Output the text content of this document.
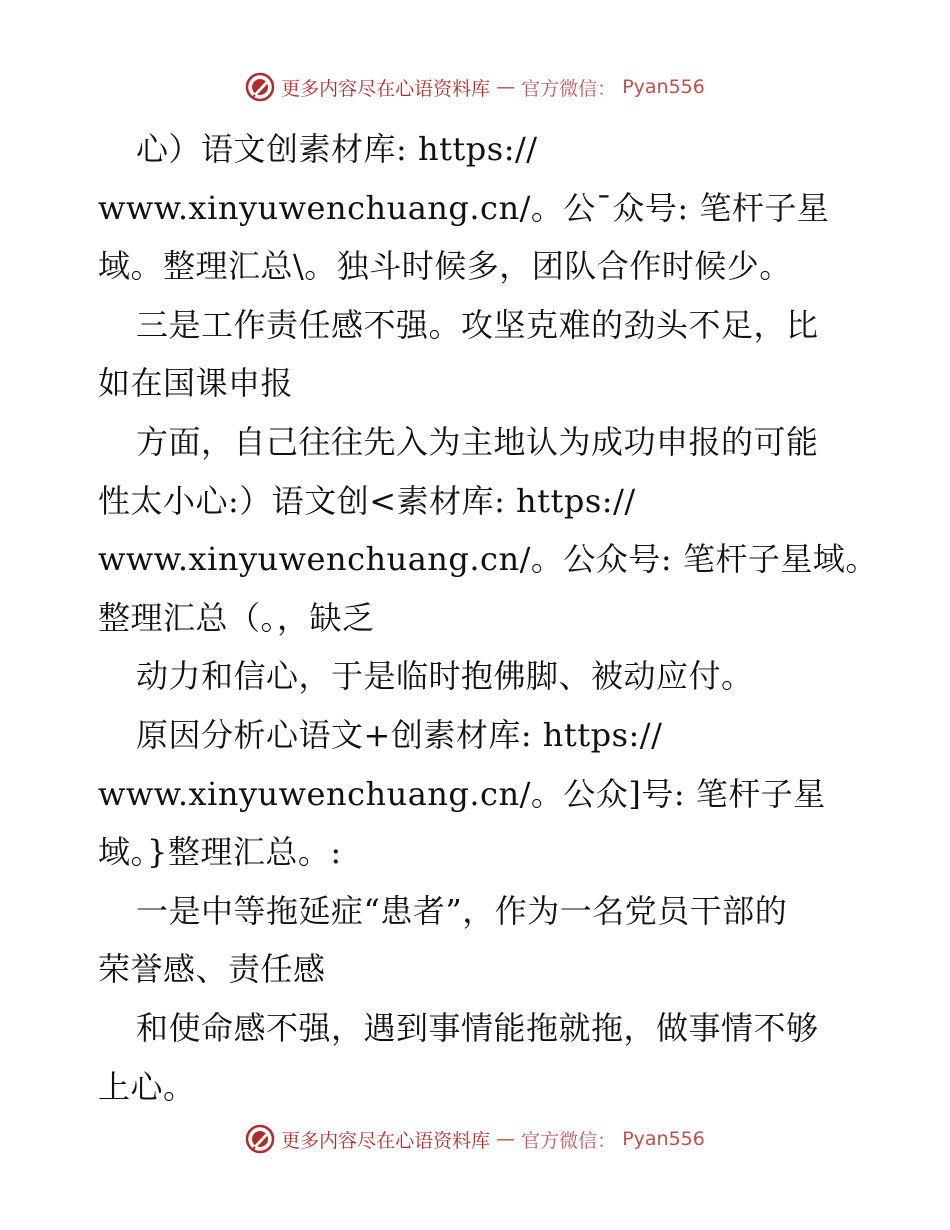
更多内容尽在心语资料库 — 官方微信： Pyan556
心）语文创素材库: https://
www.xinyuwenchuang.cn/。公¯众号: 笔杆子星
域。整理汇总\。独斗时候多，团队合作时候少。
三是工作责任感不强。攻坚克难的劲头不足，比
如在国课申报
方面，自己往往先入为主地认为成功申报的可能
性太小心:）语文创<素材库: https://
www.xinyuwenchuang.cn/。公众号: 笔杆子星域。
整理汇总（。，缺乏
动力和信心，于是临时抱佛脚、被动应付。
原因分析心语文+创素材库: https://
www.xinyuwenchuang.cn/。公众]号: 笔杆子星
域。}整理汇总。:
一是中等拖延症“患者”，作为一名党员干部的
荣誉感、责任感
和使命感不强，遇到事情能拖就拖，做事情不够
上心。
更多内容尽在心语资料库 — 官方微信： Pyan556
